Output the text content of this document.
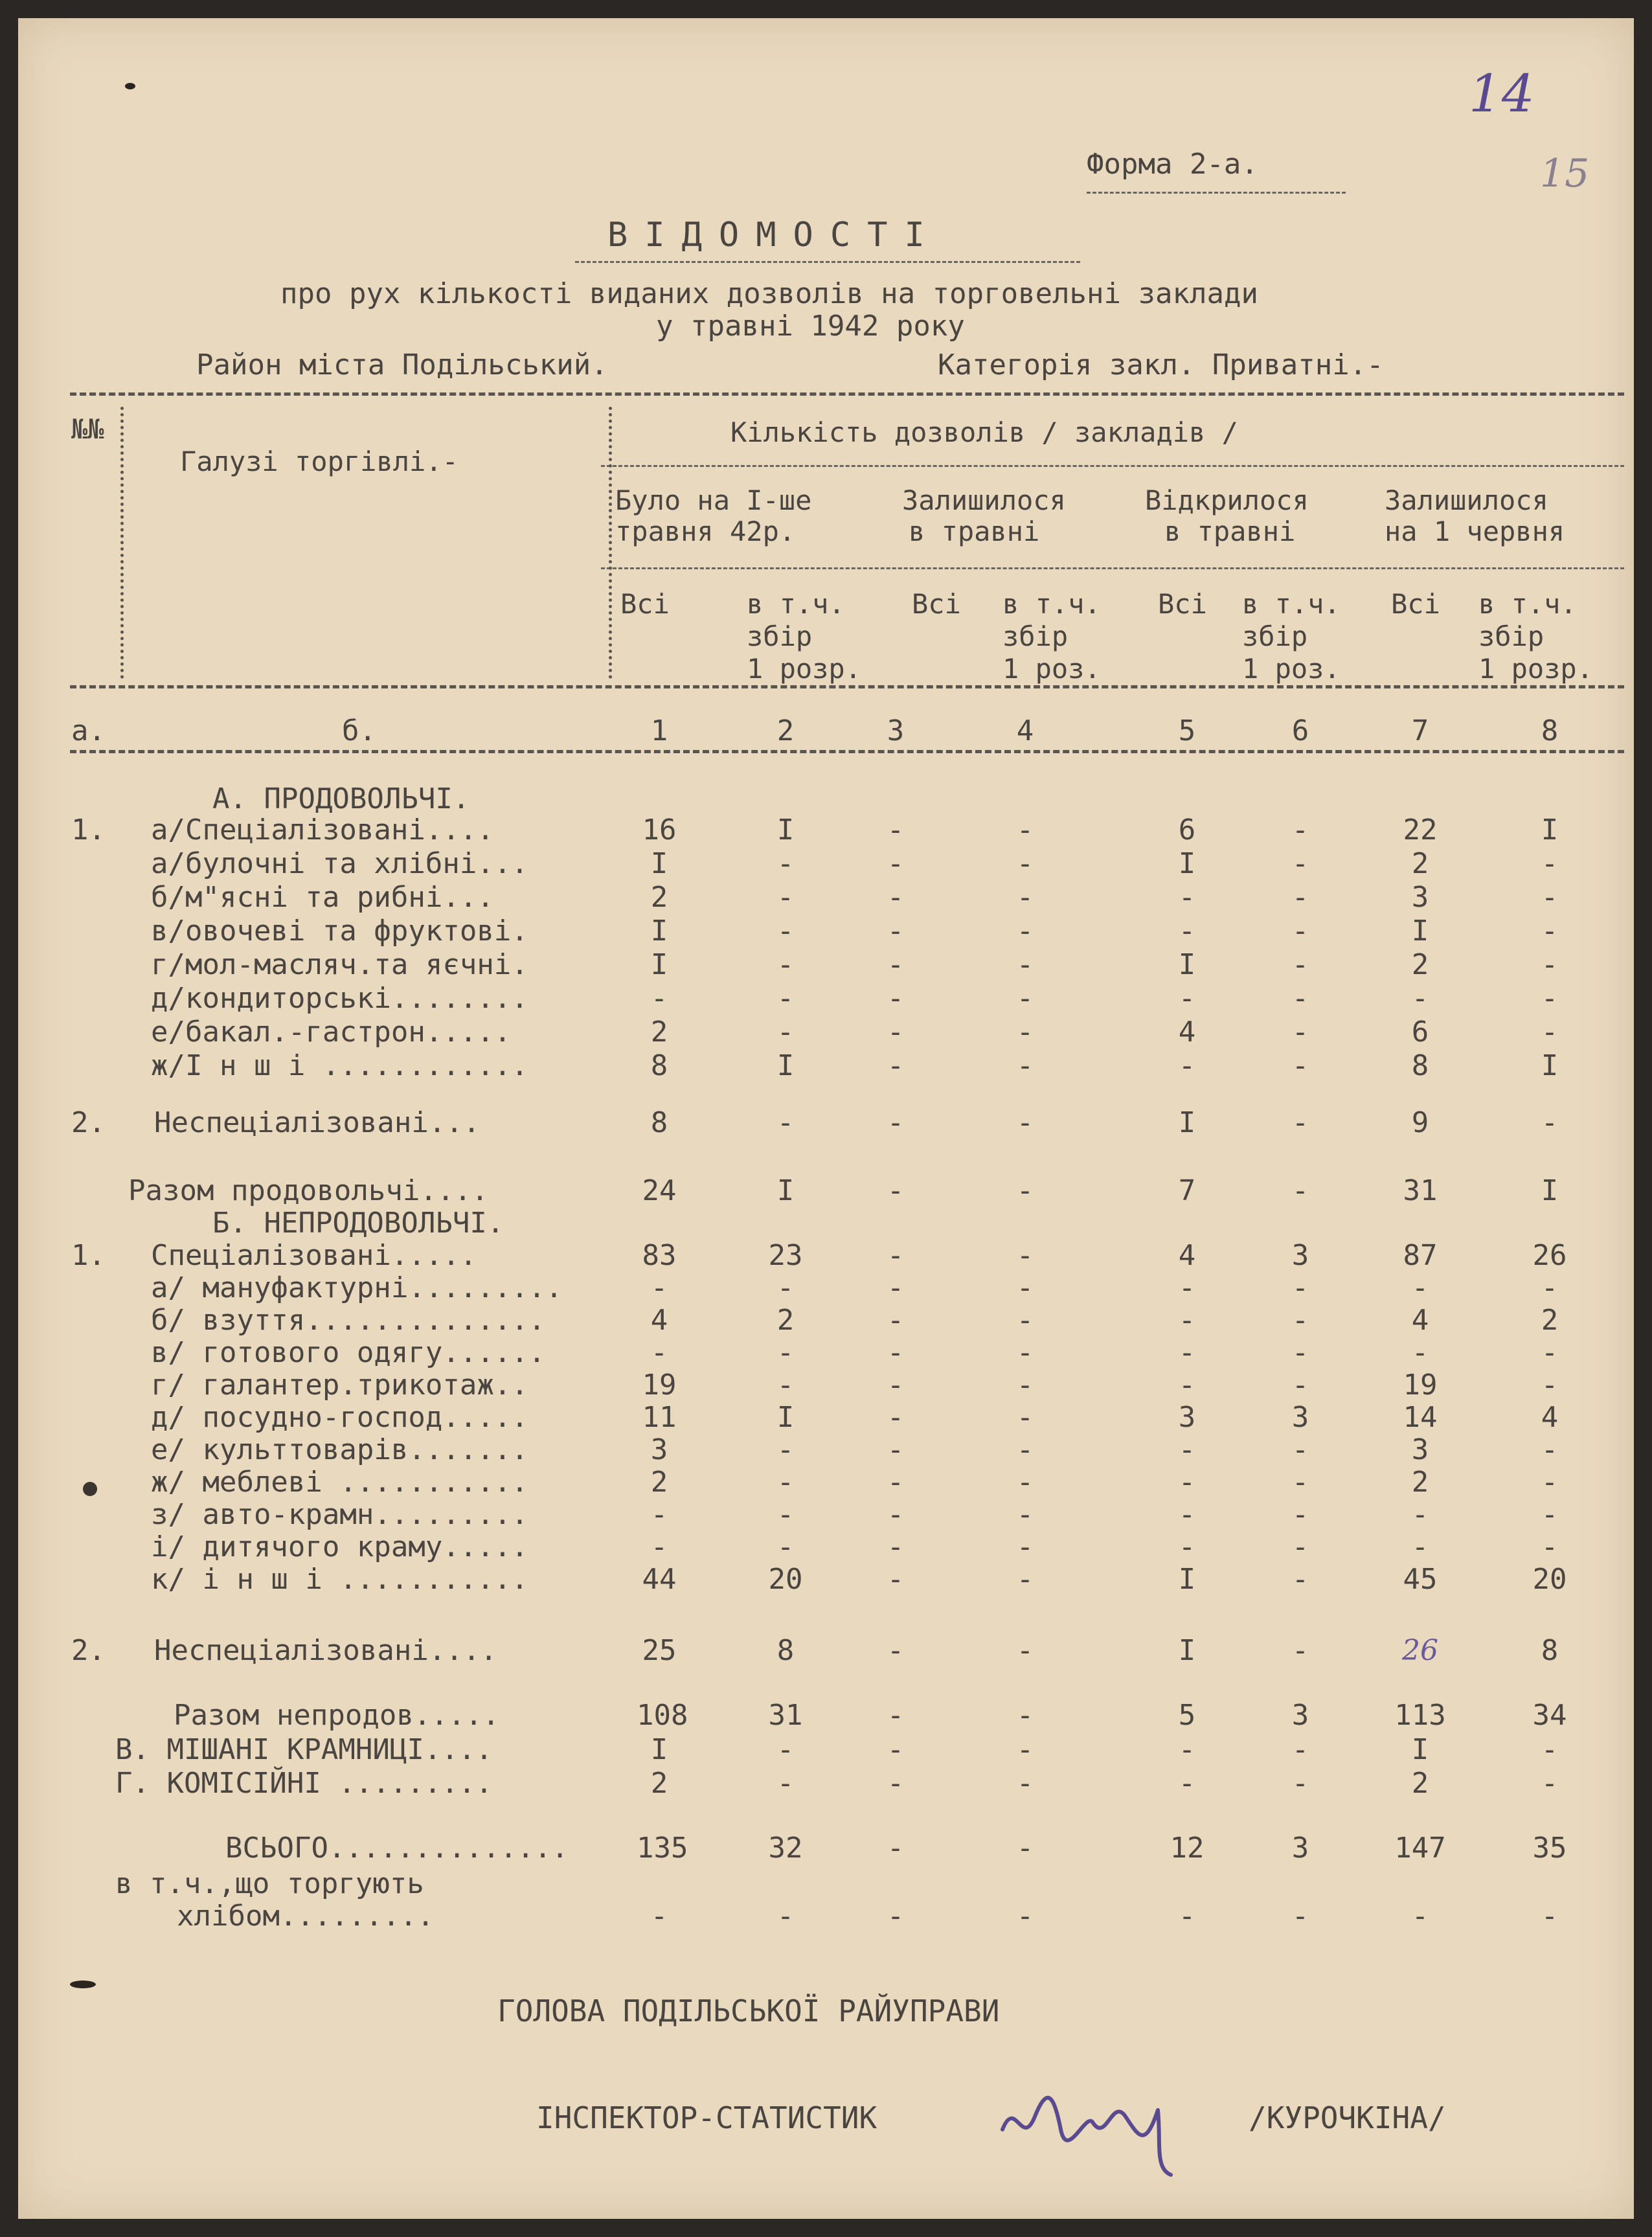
14
15
Форма 2-а.
ВІДОМОСТІ
про рух кількості виданих дозволів на торговельні заклади
у травні 1942 року
Район міста Подільський.	Категорія закл. Приватні.-
№№
Галузі торгівлі.-
Кількість дозволів / закладів /
Було на І-ше
травня 42р.
Залишилося
в травні
Відкрилося
в травні
Залишилося
на 1 червня
Всі	в т.ч.
збір
1 розр.
Всі в т.ч.
збір
1 роз.
Всі в т.ч.
збір
1 роз.
Всі в т.ч.
збір
1 розр.
а.	б.	1	2	3	4	5	6	7	8
А. ПРОДОВОЛЬЧІ.
1. а/Спеціалізовані....	16	I	-	-	6	-	22	I
а/булочні та хлібні...	I	-	-	-	I	-	2	-
б/м"ясні та рибні...	2	-	-	-	-	-	3	-
в/овочеві та фруктові.	I	-	-	-	-	-	I	-
г/мол-масляч.та яєчні.	I	-	-	-	I	-	2	-
д/кондиторські........	-	-	-	-	-	-	-	-
е/бакал.-гастрон.....	2	-	-	-	4	-	6	-
ж/І н ш і ............	8	I	-	-	-	-	8	I
2. Неспеціалізовані...	8	-	-	-	I	-	9	-
Разом продовольчі....	24	I	-	-	7	-	31	I
Б. НЕПРОДОВОЛЬЧІ.
1. Спеціалізовані.....	83	23	-	-	4	3	87	26
а/ мануфактурні.........	-	-	-	-	-	-	-	-
б/ взуття..............	4	2	-	-	-	-	4	2
в/ готового одягу......	-	-	-	-	-	-	-	-
г/ галантер.трикотаж..	19	-	-	-	-	-	19	-
д/ посудно-господ.....	11	I	-	-	3	3	14	4
е/ культтоварів.......	3	-	-	-	-	-	3	-
ж/ меблеві ...........	2	-	-	-	-	-	2	-
з/ авто-крамн.........	-	-	-	-	-	-	-	-
і/ дитячого краму.....	-	-	-	-	-	-	-	-
к/ і н ш і ...........	44	20	-	-	I	-	45	20
2. Неспеціалізовані....	25	8	-	-	I	-	26	8
Разом непродов.....	108	31	-	-	5	3	113	34
В. МІШАНІ КРАМНИЦІ....	I	-	-	-	-	-	I	-
Г. КОМІСІЙНІ .........	2	-	-	-	-	-	2	-
ВСЬОГО.............. 135	32	-	-	12	3	147	35
в т.ч.,що торгують
хлібом.........	-	-	-	-	-	-	-	-
ГОЛОВА ПОДІЛЬСЬКОЇ РАЙУПРАВИ
ІНСПЕКТОР-СТАТИСТИК	/КУРОЧКІНА/
